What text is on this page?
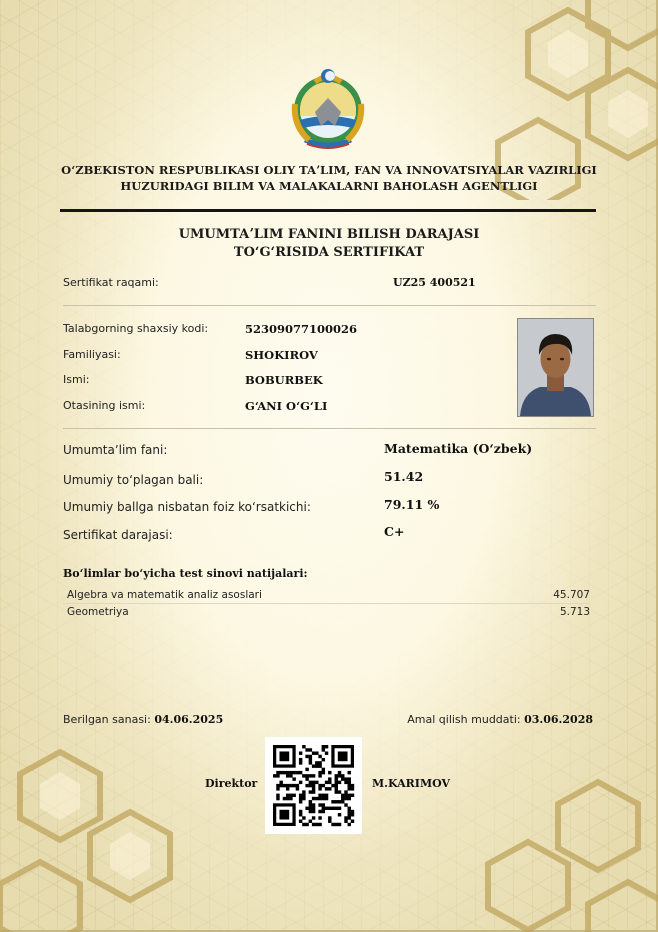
OʻZBEKISTON RESPUBLIKASI OLIY TAʼLIM, FAN VA INNOVATSIYALAR VAZIRLIGI
HUZURIDAGI BILIM VA MALAKALARNI BAHOLASH AGENTLIGI
UMUMTAʼLIM FANINI BILISH DARAJASI
TOʻGʻRISIDA SERTIFIKAT
Sertifikat raqami:	UZ25 400521
Talabgorning shaxsiy kodi:	52309077100026
Familiyasi:	SHOKIROV
Ismi:	BOBURBEK
Otasining ismi:	GʻANI OʻGʻLI
Umumtaʼlim fani:	Matematika (Oʻzbek)
Umumiy toʻplagan bali:	51.42
Umumiy ballga nisbatan foiz koʻrsatkichi:	79.11 %
Sertifikat darajasi:	C+
Boʻlimlar boʻyicha test sinovi natijalari:
Algebra va matematik analiz asoslari	45.707
Geometriya	5.713
Berilgan sanasi: 04.06.2025	Amal qilish muddati: 03.06.2028
Direktor	M.KARIMOV
